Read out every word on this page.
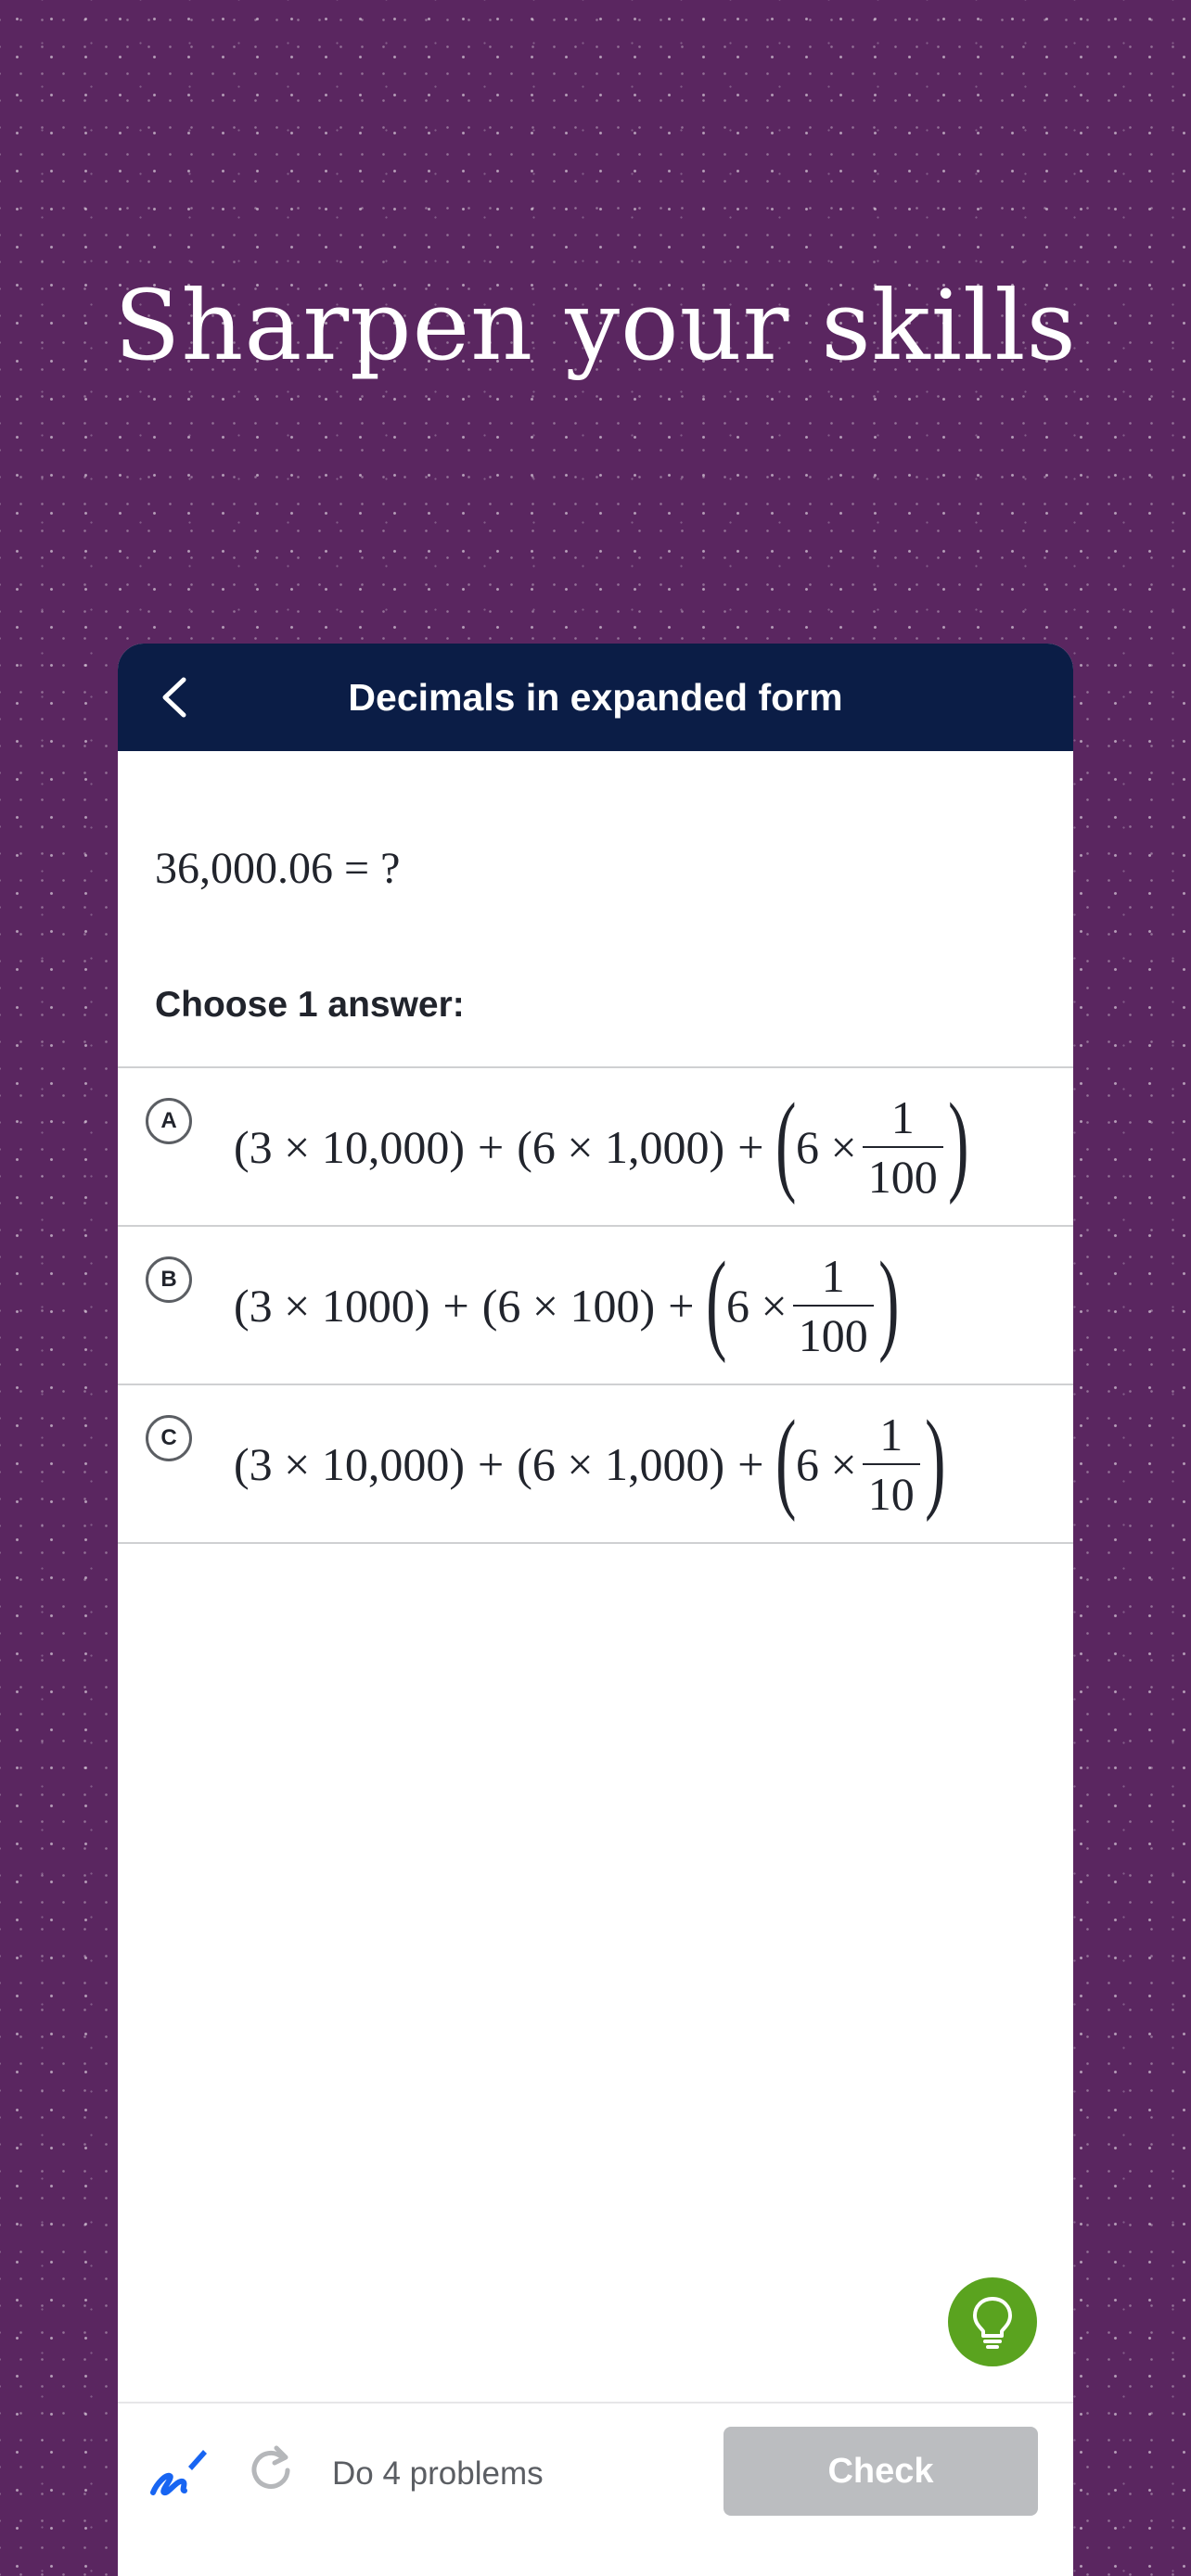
Sharpen your skills
Decimals in expanded form
36,000.06 = ?
Choose 1 answer:
A	(3 × 10,000) + (6 × 1,000) + ( $6 \times \frac{1}{100}$ )
B	(3 × 1000) + (6 × 100) + ( $6 \times \frac{1}{100}$ )
C	(3 × 10,000) + (6 × 1,000) + ( $6 \times \frac{1}{10}$ )
Do 4 problems	Check
